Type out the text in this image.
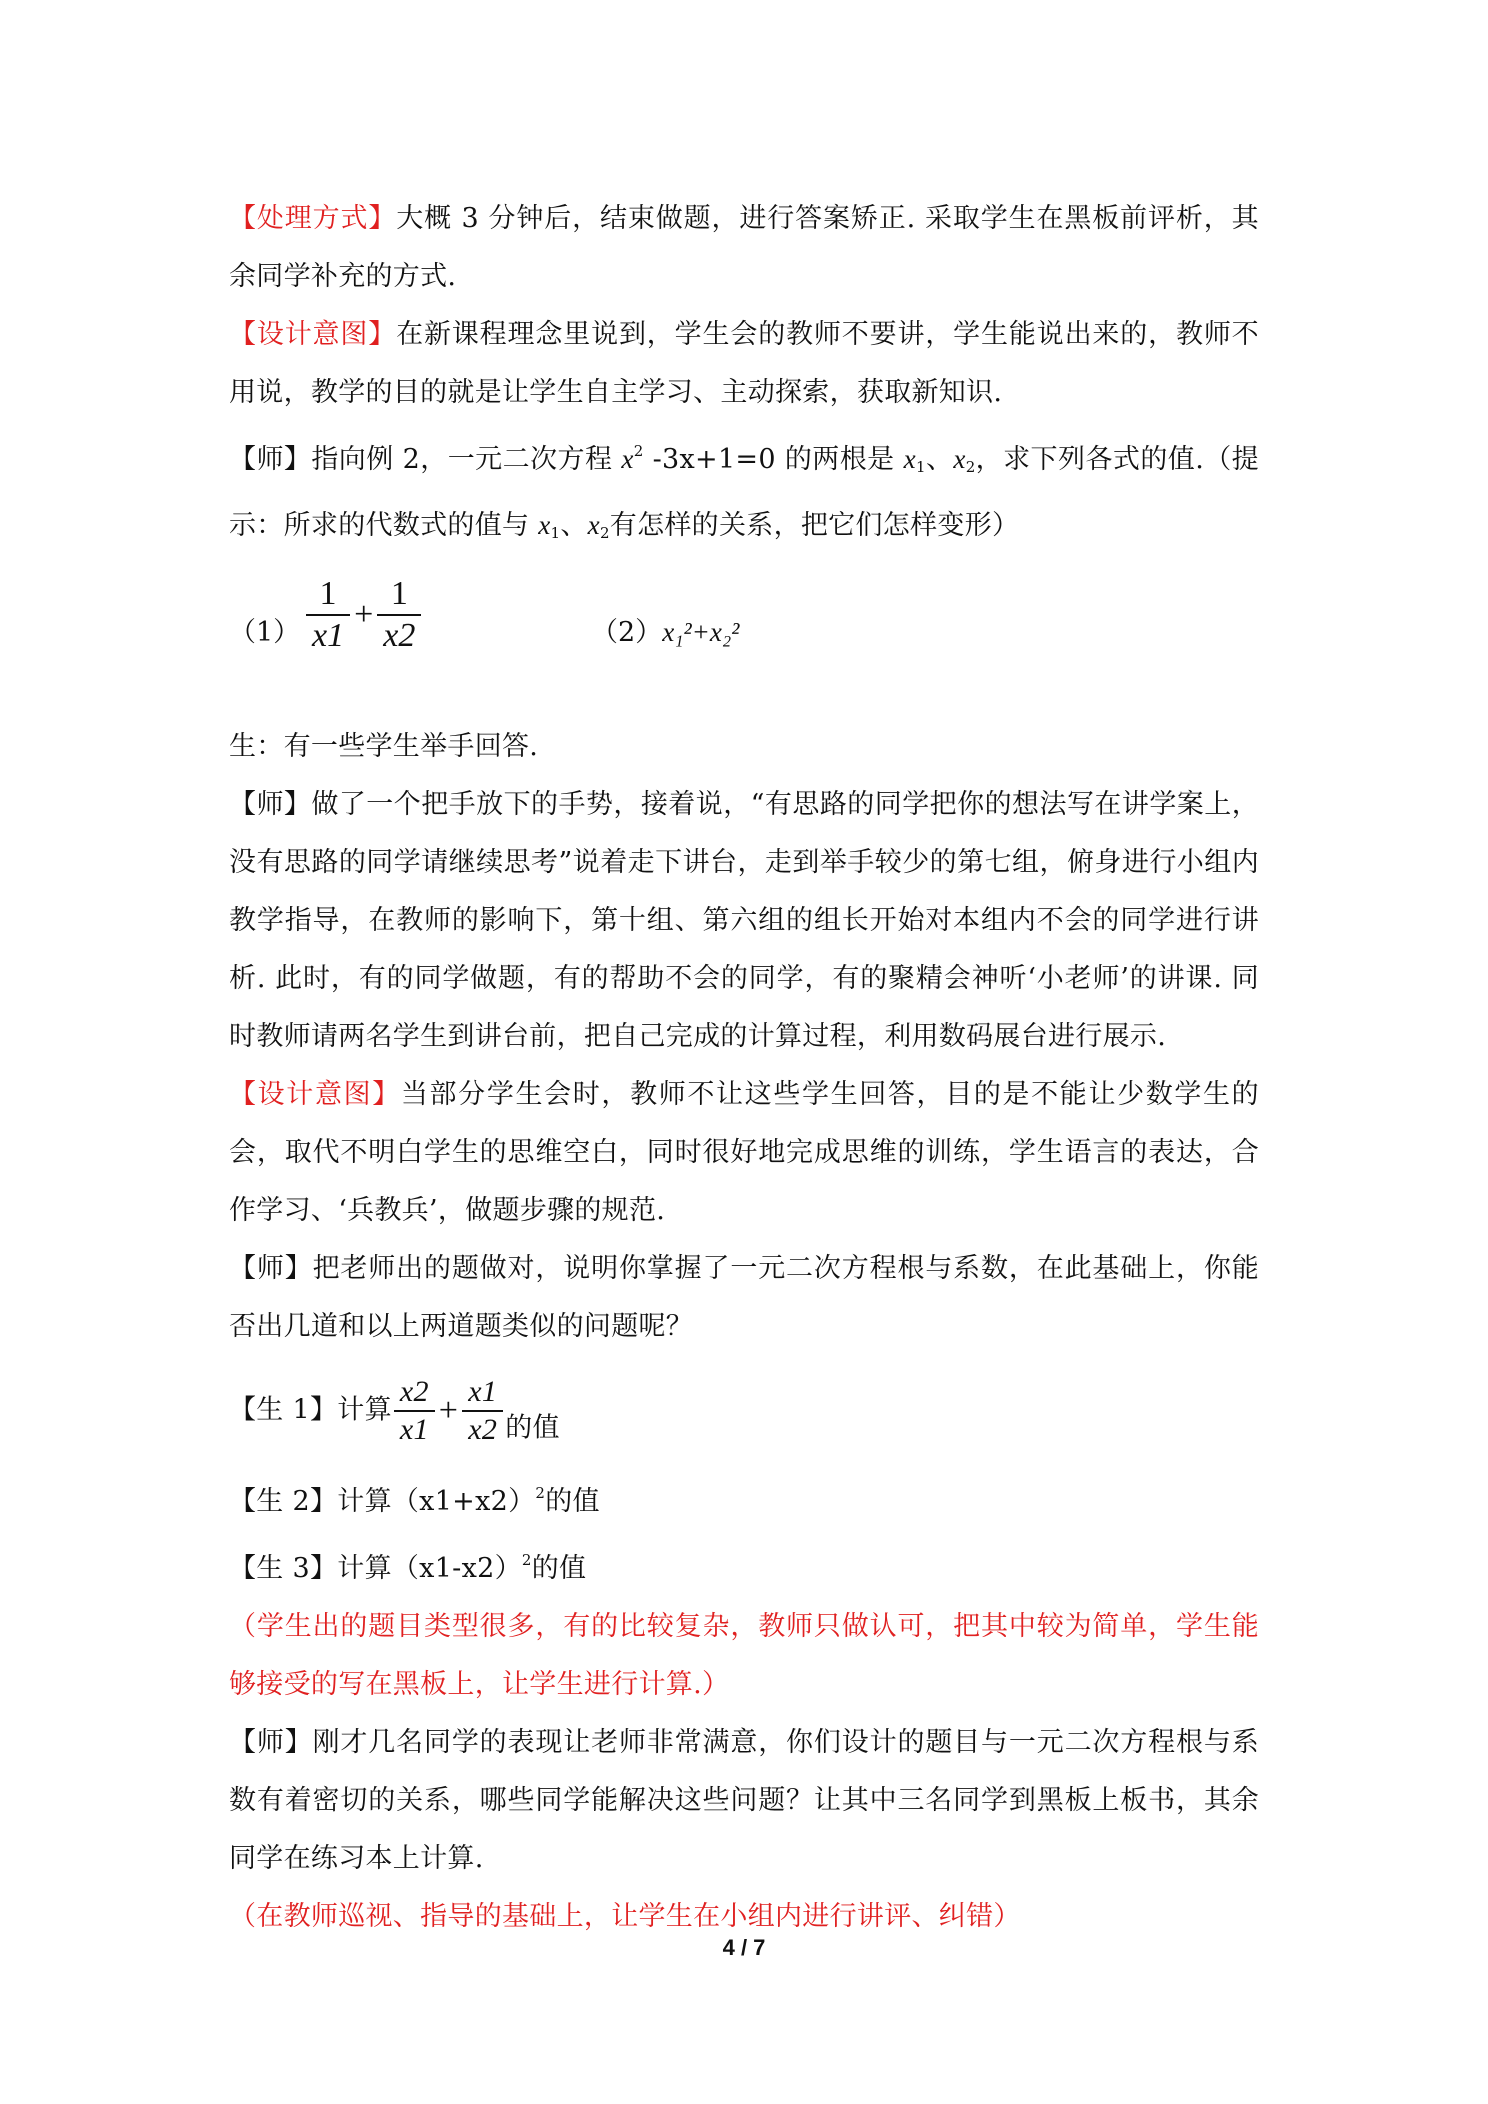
【处理方式】大概 3 分钟后，结束做题，进行答案矫正. 采取学生在黑板前评析，其余同学补充的方式.

【设计意图】在新课程理念里说到，学生会的教师不要讲，学生能说出来的，教师不用说，教学的目的就是让学生自主学习、主动探索，获取新知识.

【师】指向例 2，一元二次方程 $x^2$ -3x+1=0 的两根是 $x_1$、$x_2$，求下列各式的值.（提示：所求的代数式的值与 $x_1$、$x_2$有怎样的关系，把它们怎样变形）

$(1) \frac{1}{x1} + \frac{1}{x2}$	（2）x₁²+x₂²

生：有一些学生举手回答.

【师】做了一个把手放下的手势，接着说，“有思路的同学把你的想法写在讲学案上，没有思路的同学请继续思考”说着走下讲台，走到举手较少的第七组，俯身进行小组内教学指导，在教师的影响下，第十组、第六组的组长开始对本组内不会的同学进行讲析. 此时，有的同学做题，有的帮助不会的同学，有的聚精会神听‘小老师’的讲课. 同时教师请两名学生到讲台前，把自己完成的计算过程，利用数码展台进行展示.

【设计意图】当部分学生会时，教师不让这些学生回答，目的是不能让少数学生的会，取代不明白学生的思维空白，同时很好地完成思维的训练，学生语言的表达，合作学习、‘兵教兵’，做题步骤的规范.

【师】把老师出的题做对，说明你掌握了一元二次方程根与系数，在此基础上，你能否出几道和以上两道题类似的问题呢？

【生 1】计算 $\frac{x2}{x1} + \frac{x1}{x2}$ 的值

【生 2】计算$(x1+x2)^2$的值

【生 3】计算$(x1-x2)^2$的值

（学生出的题目类型很多，有的比较复杂，教师只做认可，把其中较为简单，学生能够接受的写在黑板上，让学生进行计算.）

【师】刚才几名同学的表现让老师非常满意，你们设计的题目与一元二次方程根与系数有着密切的关系，哪些同学能解决这些问题？让其中三名同学到黑板上板书，其余同学在练习本上计算.

（在教师巡视、指导的基础上，让学生在小组内进行讲评、纠错）

4 / 7
